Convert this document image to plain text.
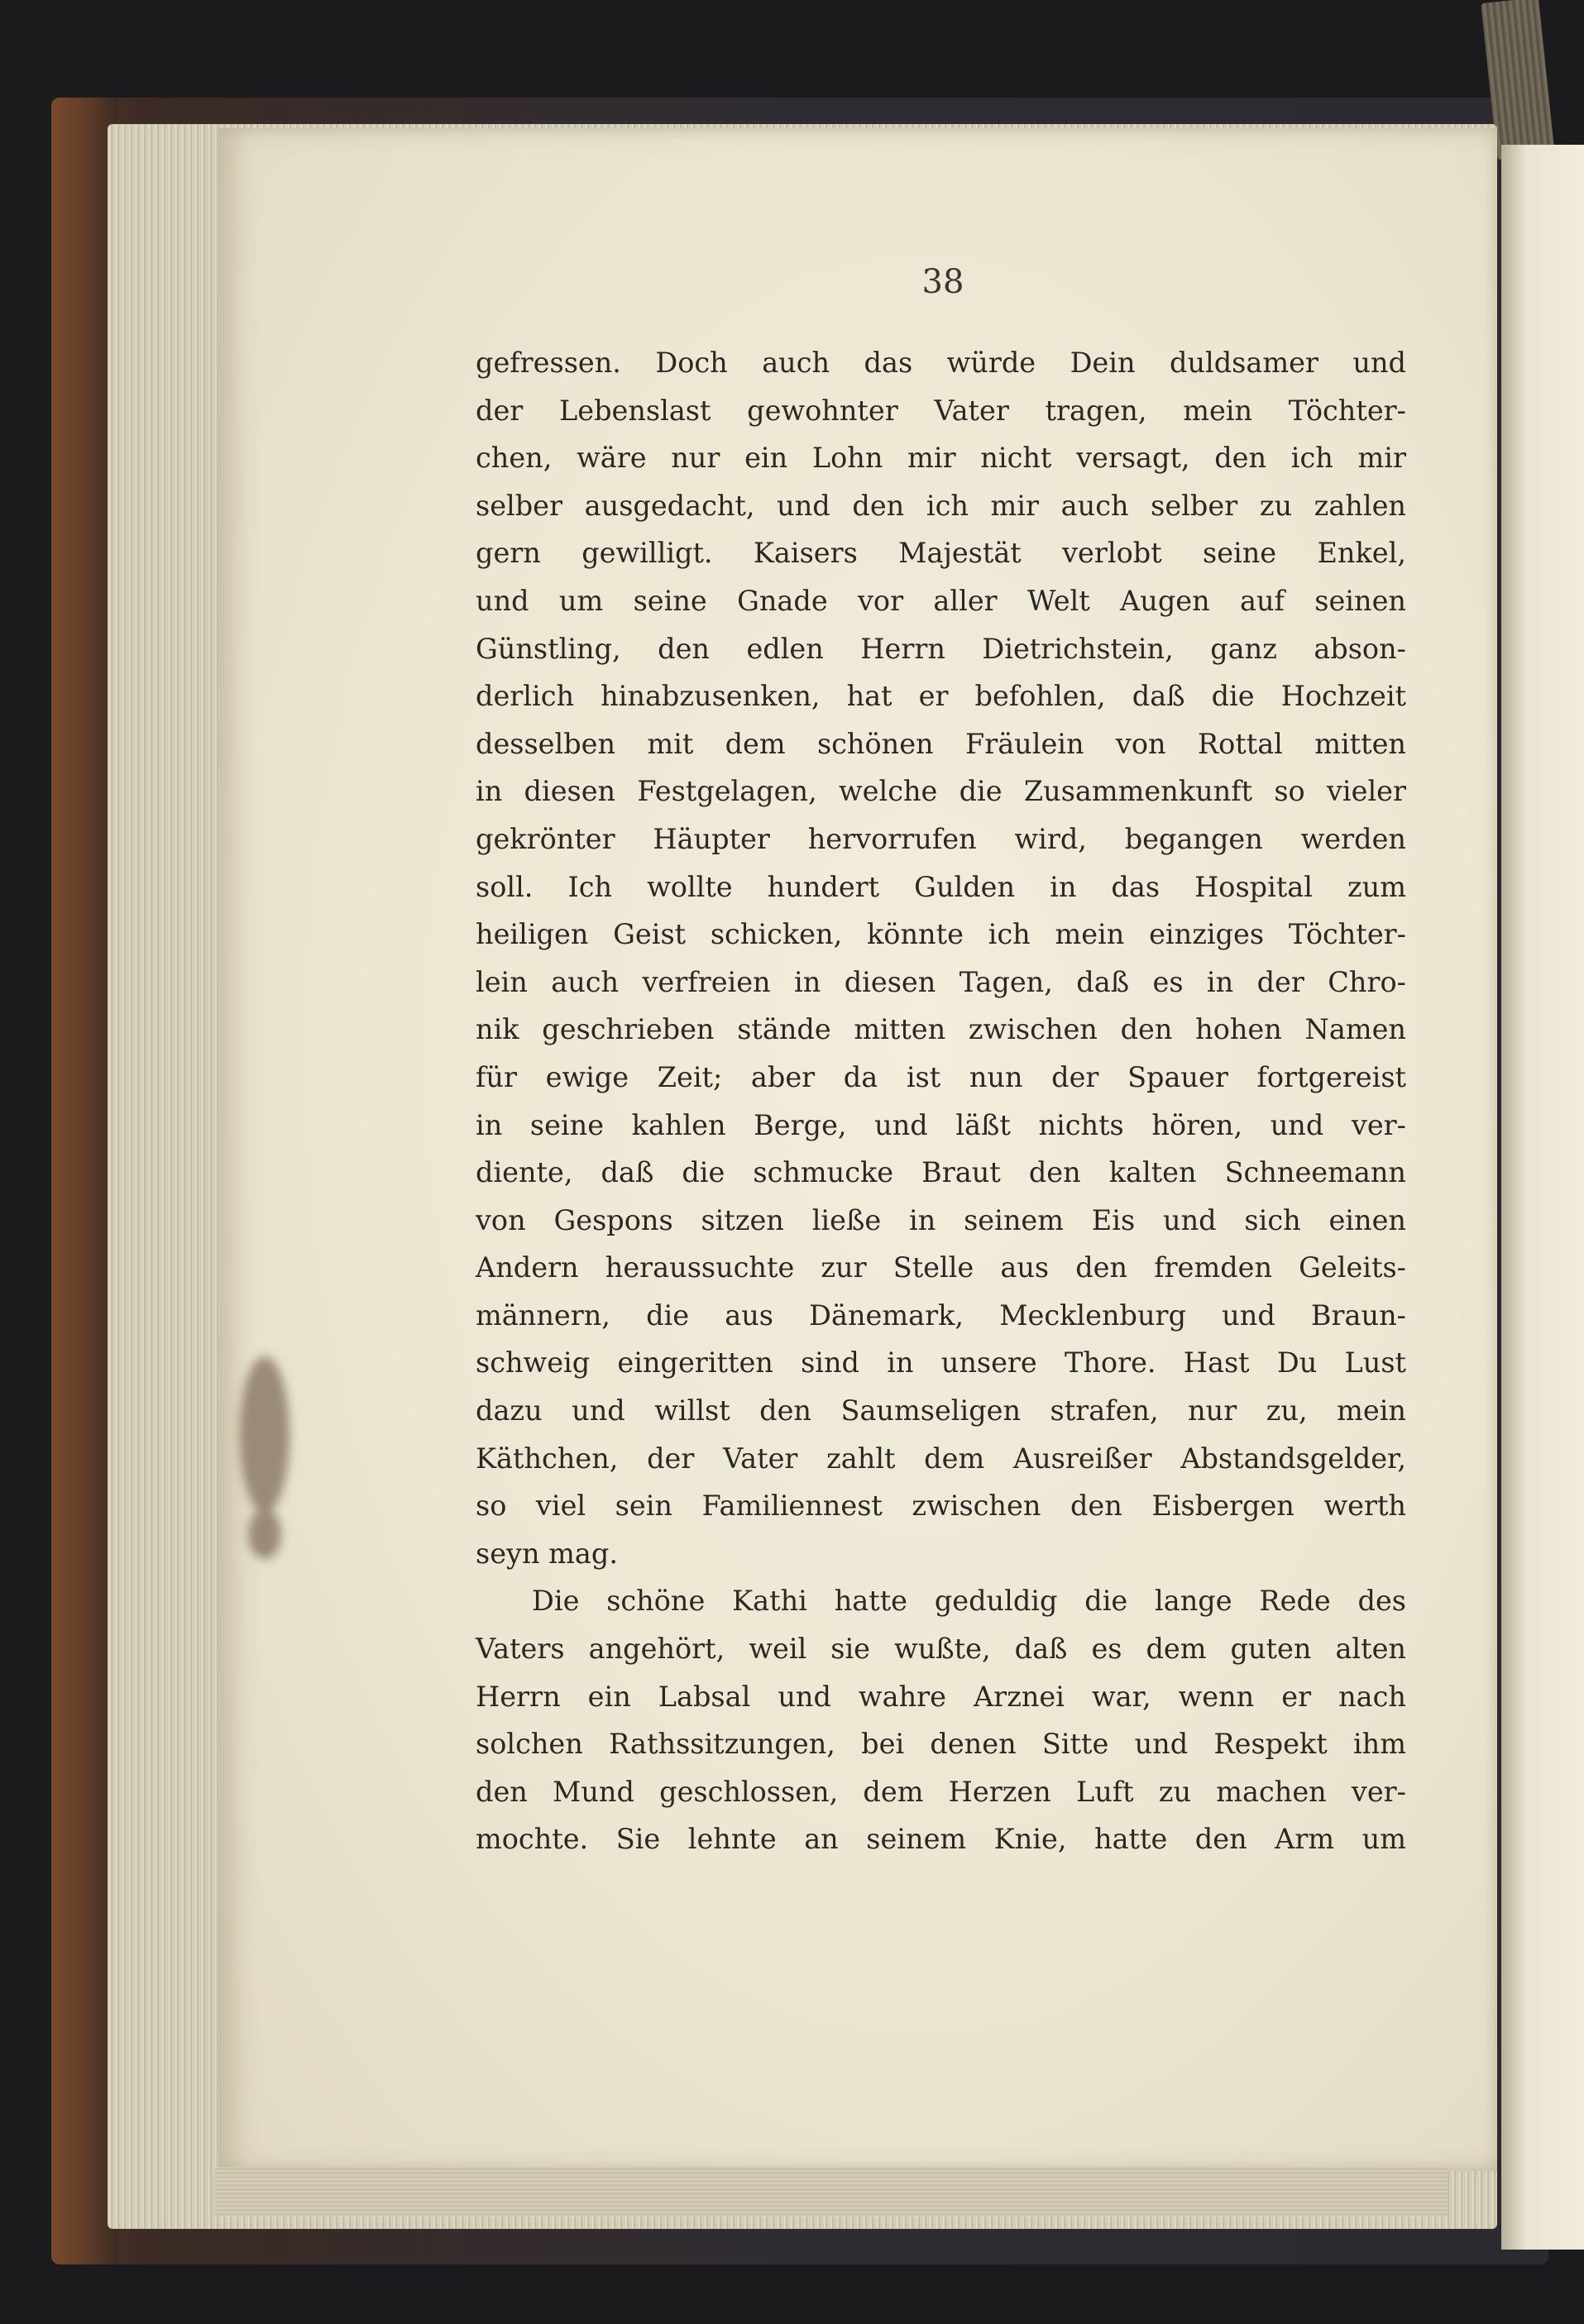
38
gefressen. Doch auch das würde Dein duldsamer und
der Lebenslast gewohnter Vater tragen, mein Töchter-
chen, wäre nur ein Lohn mir nicht versagt, den ich mir
selber ausgedacht, und den ich mir auch selber zu zahlen
gern gewilligt. Kaisers Majestät verlobt seine Enkel,
und um seine Gnade vor aller Welt Augen auf seinen
Günstling, den edlen Herrn Dietrichstein, ganz abson-
derlich hinabzusenken, hat er befohlen, daß die Hochzeit
desselben mit dem schönen Fräulein von Rottal mitten
in diesen Festgelagen, welche die Zusammenkunft so vieler
gekrönter Häupter hervorrufen wird, begangen werden
soll. Ich wollte hundert Gulden in das Hospital zum
heiligen Geist schicken, könnte ich mein einziges Töchter-
lein auch verfreien in diesen Tagen, daß es in der Chro-
nik geschrieben stände mitten zwischen den hohen Namen
für ewige Zeit; aber da ist nun der Spauer fortgereist
in seine kahlen Berge, und läßt nichts hören, und ver-
diente, daß die schmucke Braut den kalten Schneemann
von Gespons sitzen ließe in seinem Eis und sich einen
Andern heraussuchte zur Stelle aus den fremden Geleits-
männern, die aus Dänemark, Mecklenburg und Braun-
schweig eingeritten sind in unsere Thore. Hast Du Lust
dazu und willst den Saumseligen strafen, nur zu, mein
Käthchen, der Vater zahlt dem Ausreißer Abstandsgelder,
so viel sein Familiennest zwischen den Eisbergen werth
seyn mag.
Die schöne Kathi hatte geduldig die lange Rede des
Vaters angehört, weil sie wußte, daß es dem guten alten
Herrn ein Labsal und wahre Arznei war, wenn er nach
solchen Rathssitzungen, bei denen Sitte und Respekt ihm
den Mund geschlossen, dem Herzen Luft zu machen ver-
mochte. Sie lehnte an seinem Knie, hatte den Arm um
